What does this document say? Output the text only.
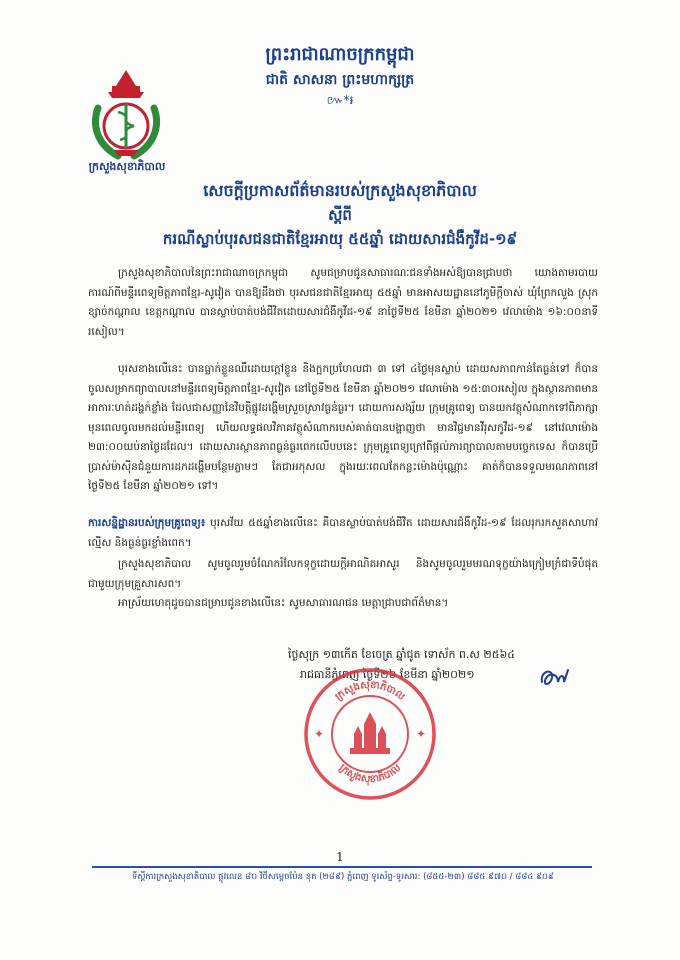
ក្រសួងសុខាភិបាល
ព្រះរាជាណាចក្រកម្ពុជា
ជាតិ សាសនា ព្រះមហាក្សត្រ
៚*៛
សេចក្ដីប្រកាសព័ត៌មានរបស់ក្រសួងសុខាភិបាល
ស្ដីពី
ករណីស្លាប់បុរសជនជាតិខ្មែរអាយុ ៥៥ឆ្នាំ ដោយសារជំងឺកូវីដ-១៩
ក្រសួងសុខាភិបាលនៃព្រះរាជាណាចក្រកម្ពុជា សូមជម្រាបជូនសាធារណៈជនទាំងអស់ឱ្យបានជ្រាបថា យោងតាមរបាយការណ៍ពីមន្ទីរពេទ្យមិត្តភាពខ្មែរ-សូវៀត បានឱ្យដឹងថា បុរសជនជាតិខ្មែរអាយុ ៥៥ឆ្នាំ មានអាសយដ្ឋាននៅភូមិក្ដីចាស់ ឃុំព្រែកលួង ស្រុកខ្សាច់កណ្ដាល ខេត្តកណ្ដាល បានស្លាប់បាត់បង់ជីវិតដោយសារជំងឺកូវីដ-១៩ នាថ្ងៃទី២៥ ខែមីនា ឆ្នាំ២០២១ វេលាម៉ោង ១៦:០០នាទីរសៀល។
បុរសខាងលើនេះ បានធ្លាក់ខ្លួនឈឺដោយក្ដៅខ្លួន និងក្អកប្រហែលជា ៣ ទៅ ៤ថ្ងៃមុនស្លាប់ ដោយសភាពកាន់តែធ្ងន់ទៅ ក៏បានចូលសម្រាកព្យាបាលនៅមន្ទីរពេទ្យមិត្តភាពខ្មែរ-សូវៀត នៅថ្ងៃទី២៥ ខែមីនា ឆ្នាំ២០២១ វេលាម៉ោង ១៥:៣០រសៀល ក្នុងស្ថានភាពមានអាការៈហត់ដង្ហក់ខ្លាំង ដែលជាសញ្ញានៃវិបត្តិផ្លូវដង្ហើមស្រួចស្រាវធ្ងន់ធ្ងរ។ ដោយការសង្ស័យ ក្រុមគ្រូពេទ្យ បានយកវត្ថុសំណាកទៅពិភាក្សាមុនពេលចូលមកដល់មន្ទីរពេទ្យ ហើយលទ្ធផលវិភាគវត្ថុសំណាករបស់គាត់បានបង្ហាញថា មានវិជ្ជមានវីរុសកូវីដ-១៩ នៅវេលាម៉ោង ២៣:០០យប់នាថ្ងៃដដែល។ ដោយសារស្ថានភាពធ្ងន់ធ្ងរពេកលើបបនេះ ក្រុមគ្រូពេទ្យក្រៅពីផ្ដល់ការព្យាបាលតាមបច្ចេកទេស ក៏បានប្រើប្រាស់ម៉ាស៊ីនជំនួយការដកដង្ហើមបន្ថែមភ្លាមៗ តែជាអកុសល ក្នុងរយៈពេលតែកន្លះម៉ោងប៉ុណ្ណោះ គាត់ក៏បានទទួលមរណភាពនៅថ្ងៃទី២៥ ខែមីនា ឆ្នាំ២០២១ ទៅ។
ការសន្និដ្ឋានរបស់ក្រុមគ្រូពេទ្យ៖ បុរសវ័យ ៥៥ឆ្នាំខាងលើនេះ គឺបានស្លាប់បាត់បង់ជីវិត ដោយសារជំងឺកូវីដ-១៩ ដែលរុករកសួតសាហាវល្មើស និងធ្ងន់ធ្ងរខ្លាំងពេក។
ក្រសួងសុខាភិបាល សូមចូលរួមចំណែករំលែកទុក្ខដោយក្ដីអាណិតអាសូរ និងសូមចូលរួមមរណទុក្ខយ៉ាងក្រៀមក្រំជាទីបំផុតជាមួយក្រុមគ្រួសារសព។
អាស្រ័យហេតុដូចបានជម្រាបជូនខាងលើនេះ សូមសាធារណជន មេត្តាជ្រាបជាព័ត៌មាន។
ថ្ងៃសុក្រ ១៣កើត ខែចេត្រ ឆ្នាំជូត ទោស័ក ព.ស ២៥៦៤
រាជធានីភ្នំពេញ ថ្ងៃទី២៦ ខែមីនា ឆ្នាំ២០២១
ក្រសួងសុខាភិបាល
ក្រសួងសុខាភិបាល
✦	✦
1
ទីស្ដីការក្រសួងសុខាភិបាល ផ្លូវលេខ ៨០ វិថីសម្ដេចប៉ែន នុត (២៨៩) ភ្នំពេញ ទូរស័ព្ទ-ទូរសារ: (៨៥៥-២៣) ៨៨៥ ៩៧០ / ៨៨៤ ៩០៩
